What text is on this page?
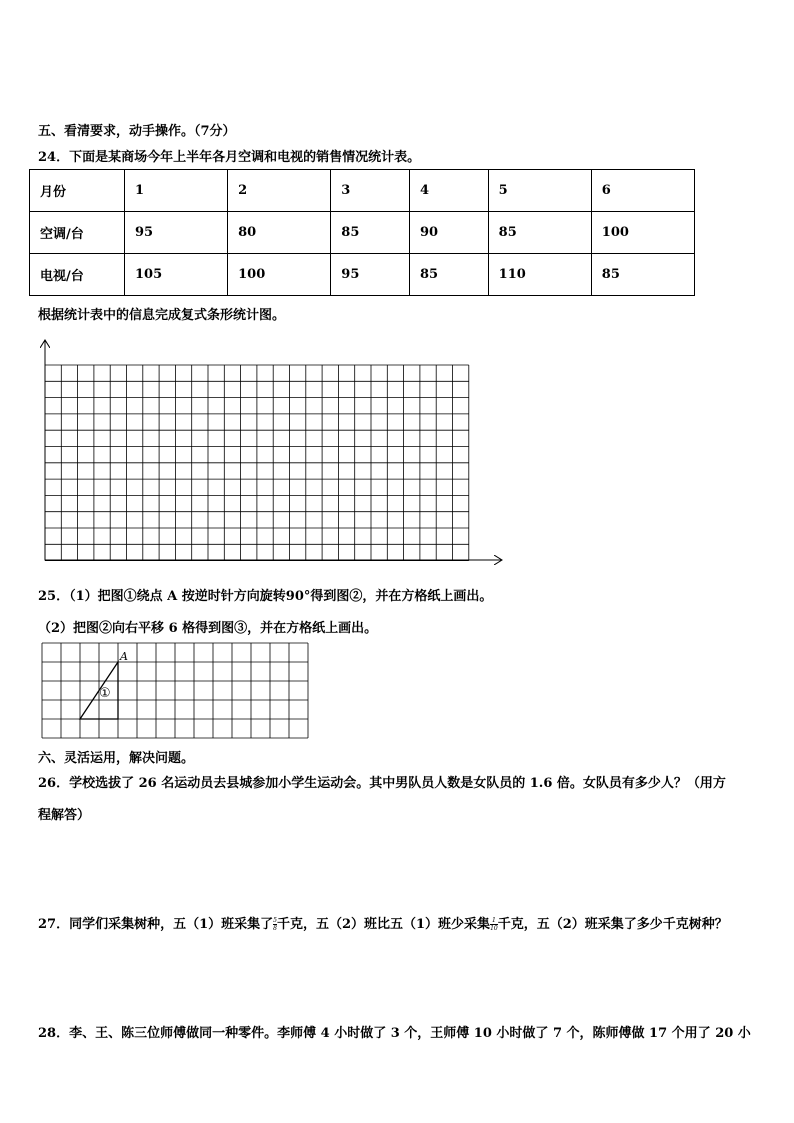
五、看清要求，动手操作。（7分）
24．下面是某商场今年上半年各月空调和电视的销售情况统计表。
月份	1	2	3	4	5	6
空调/台	95	80	85	90	85	100
电视/台	105	100	95	85	110	85
根据统计表中的信息完成复式条形统计图。
25．（1）把图①绕点 A 按逆时针方向旋转90°得到图②，并在方格纸上画出。
（2）把图②向右平移 6 格得到图③，并在方格纸上画出。
A
①
六、灵活运用，解决问题。
26．学校选拔了 26 名运动员去县城参加小学生运动会。其中男队员人数是女队员的 1.6 倍。女队员有多少人？（用方
程解答）
27．同学们采集树种，五（1）班采集了 $\frac{5}{8}$ 千克，五（2）班比五（1）班少采集 $\frac{1}{10}$ 千克，五（2）班采集了多少千克树种？
28．李、王、陈三位师傅做同一种零件。李师傅 4 小时做了 3 个，王师傅 10 小时做了 7 个，陈师傅做 17 个用了 20 小
